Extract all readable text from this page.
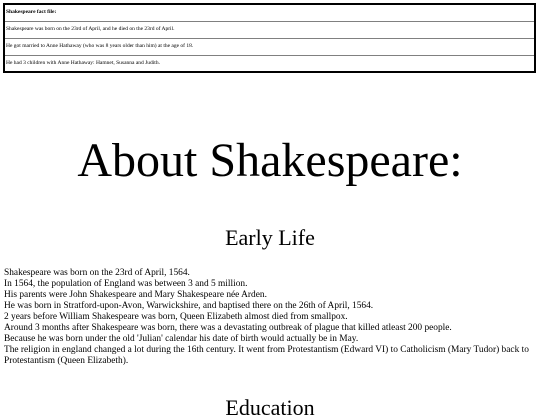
Shakespeare fact file:
Shakespeare was born on the 23rd of April, and he died on the 23rd of April.
He got married to Anne Hathaway (who was 8 years older than him) at the age of 18.
He had 3 children with Anne Hathaway: Hamnet, Susanna and Judith.
About Shakespeare:
Early Life
Shakespeare was born on the 23rd of April, 1564.
In 1564, the population of England was between 3 and 5 million.
His parents were John Shakespeare and Mary Shakespeare née Arden.
He was born in Stratford-upon-Avon, Warwickshire, and baptised there on the 26th of April, 1564.
2 years before William Shakespeare was born, Queen Elizabeth almost died from smallpox.
Around 3 months after Shakespeare was born, there was a devastating outbreak of plague that killed atleast 200 people.
Because he was born under the old 'Julian' calendar his date of birth would actually be in May.
The religion in england changed a lot during the 16th century. It went from Protestantism (Edward VI) to Catholicism (Mary Tudor) back to Protestantism (Queen Elizabeth).
Education
